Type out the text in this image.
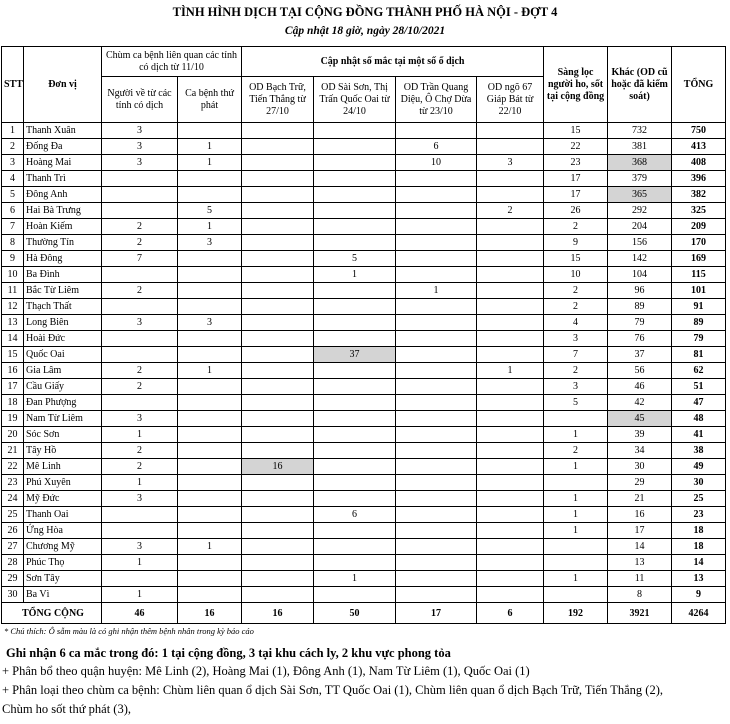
TÌNH HÌNH DỊCH TẠI CỘNG ĐỒNG THÀNH PHỐ HÀ NỘI - ĐỢT 4
Cập nhật 18 giờ, ngày 28/10/2021
STT	Đơn vị	Chùm ca bệnh liên quan các tỉnh có dịch từ 11/10		Cập nhật số mắc tại một số ổ dịch				Sàng lọc người ho, sốt tại cộng đồng	Khác (OD cũ hoặc đã kiểm soát)	TỔNG
		Người về từ các tỉnh có dịch	Ca bệnh thứ phát	OD Bạch Trữ, Tiến Thắng từ 27/10	OD Sài Sơn, Thị Trấn Quốc Oai từ 24/10	OD Trần Quang Diệu, Ô Chợ Dừa từ 23/10	OD ngõ 67 Giáp Bát từ 22/10			
1	Thanh Xuân	3						15	732	750
2	Đống Đa	3	1			6		22	381	413
3	Hoàng Mai	3	1			10	3	23	368	408
4	Thanh Trì							17	379	396
5	Đông Anh							17	365	382
6	Hai Bà Trưng		5				2	26	292	325
7	Hoàn Kiếm	2	1					2	204	209
8	Thường Tín	2	3					9	156	170
9	Hà Đông	7			5			15	142	169
10	Ba Đình				1			10	104	115
11	Bắc Từ Liêm	2				1		2	96	101
12	Thạch Thất							2	89	91
13	Long Biên	3	3					4	79	89
14	Hoài Đức							3	76	79
15	Quốc Oai				37			7	37	81
16	Gia Lâm	2	1				1	2	56	62
17	Cầu Giấy	2						3	46	51
18	Đan Phượng							5	42	47
19	Nam Từ Liêm	3							45	48
20	Sóc Sơn	1						1	39	41
21	Tây Hồ	2						2	34	38
22	Mê Linh	2		16				1	30	49
23	Phú Xuyên	1							29	30
24	Mỹ Đức	3						1	21	25
25	Thanh Oai				6			1	16	23
26	Ứng Hòa							1	17	18
27	Chương Mỹ	3	1						14	18
28	Phúc Thọ	1							13	14
29	Sơn Tây				1			1	11	13
30	Ba Vì	1							8	9
TỔNG CỘNG		46	16	16	50	17	6	192	3921	4264
* Chú thích: Ô sẫm màu là có ghi nhận thêm bệnh nhân trong kỳ báo cáo
Ghi nhận 6 ca mắc trong đó: 1 tại cộng đồng, 3 tại khu cách ly, 2 khu vực phong tỏa
+ Phân bổ theo quận huyện: Mê Linh (2), Hoàng Mai (1), Đông Anh (1), Nam Từ Liêm (1), Quốc Oai (1)
+ Phân loại theo chùm ca bệnh: Chùm liên quan ổ dịch Sài Sơn, TT Quốc Oai (1), Chùm liên quan ổ dịch Bạch Trữ, Tiến Thắng (2),
Chùm ho sốt thứ phát (3),
